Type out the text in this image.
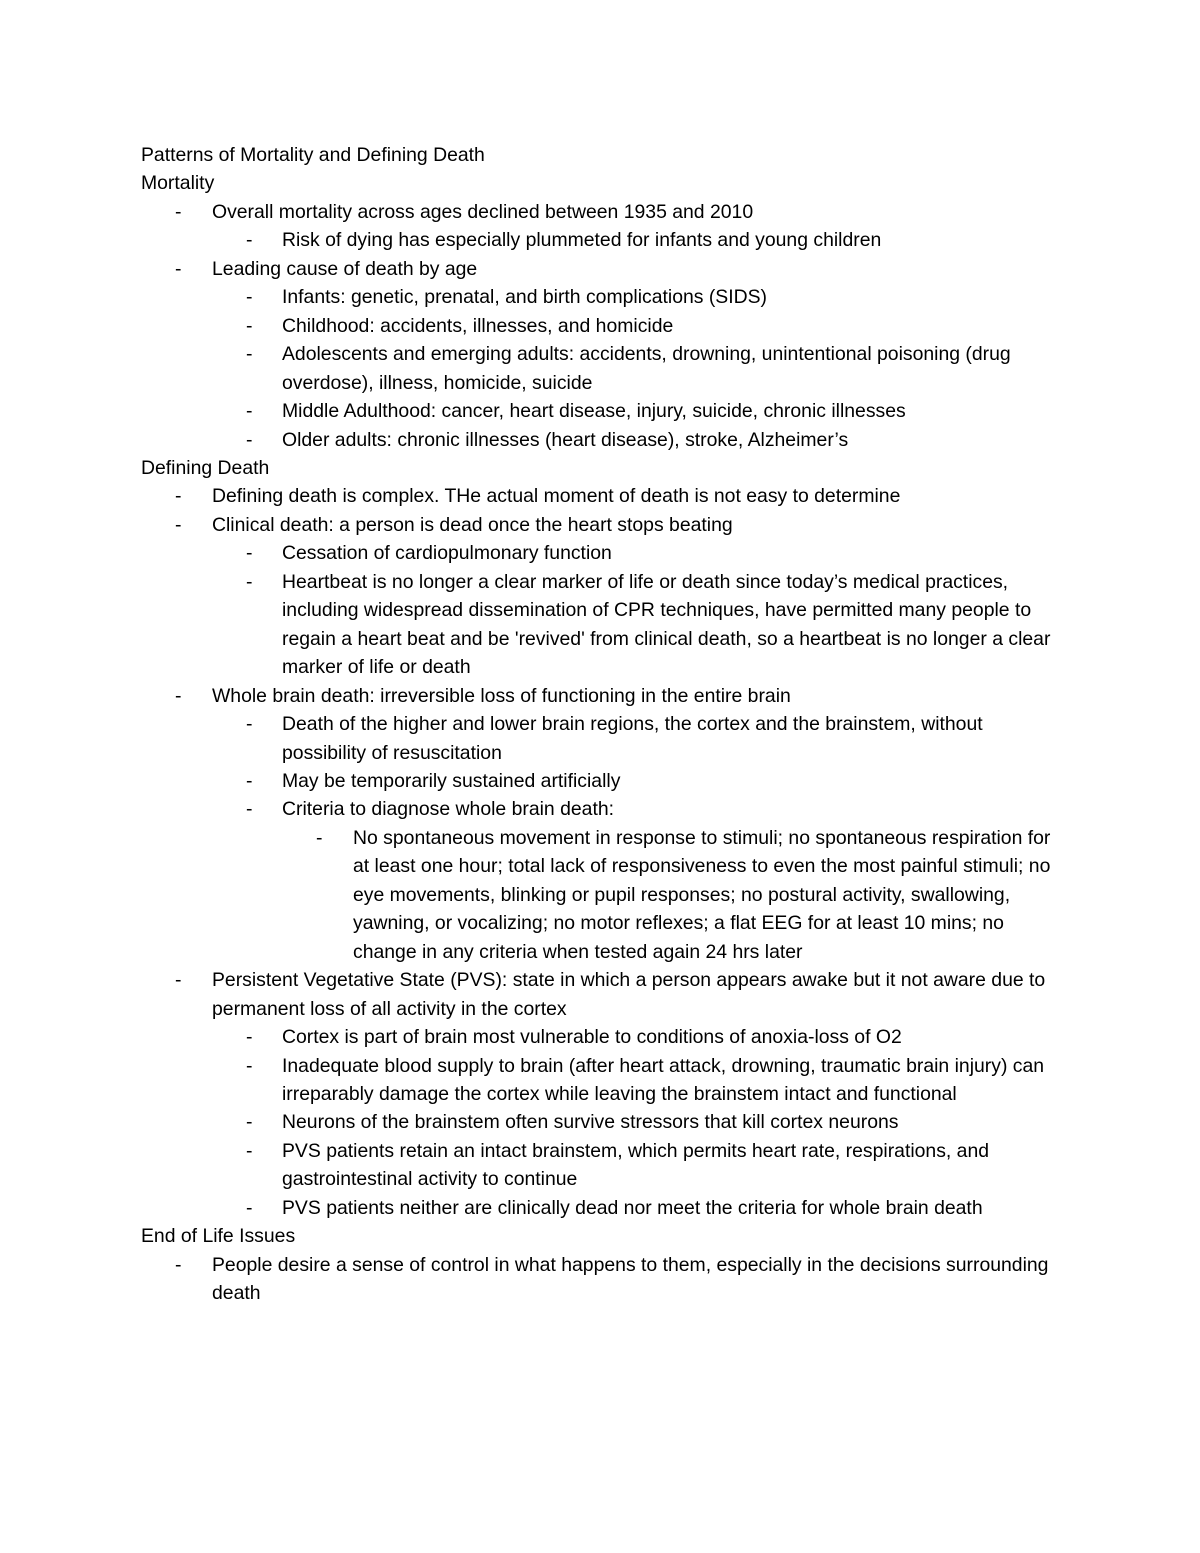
Patterns of Mortality and Defining Death

Mortality

- Overall mortality across ages declined between 1935 and 2010
- Risk of dying has especially plummeted for infants and young children
- Leading cause of death by age
- Infants: genetic, prenatal, and birth complications (SIDS)
- Childhood: accidents, illnesses, and homicide
- Adolescents and emerging adults: accidents, drowning, unintentional poisoning (drug overdose), illness, homicide, suicide
- Middle Adulthood: cancer, heart disease, injury, suicide, chronic illnesses
- Older adults: chronic illnesses (heart disease), stroke, Alzheimer’s

Defining Death

- Defining death is complex. THe actual moment of death is not easy to determine
- Clinical death: a person is dead once the heart stops beating
- Cessation of cardiopulmonary function
- Heartbeat is no longer a clear marker of life or death since today’s medical practices, including widespread dissemination of CPR techniques, have permitted many people to regain a heart beat and be 'revived' from clinical death, so a heartbeat is no longer a clear marker of life or death
- Whole brain death: irreversible loss of functioning in the entire brain
- Death of the higher and lower brain regions, the cortex and the brainstem, without possibility of resuscitation
- May be temporarily sustained artificially
- Criteria to diagnose whole brain death:
- No spontaneous movement in response to stimuli; no spontaneous respiration for at least one hour; total lack of responsiveness to even the most painful stimuli; no eye movements, blinking or pupil responses; no postural activity, swallowing, yawning, or vocalizing; no motor reflexes; a flat EEG for at least 10 mins; no change in any criteria when tested again 24 hrs later
- Persistent Vegetative State (PVS): state in which a person appears awake but it not aware due to permanent loss of all activity in the cortex
- Cortex is part of brain most vulnerable to conditions of anoxia-loss of O2
- Inadequate blood supply to brain (after heart attack, drowning, traumatic brain injury) can irreparably damage the cortex while leaving the brainstem intact and functional
- Neurons of the brainstem often survive stressors that kill cortex neurons
- PVS patients retain an intact brainstem, which permits heart rate, respirations, and gastrointestinal activity to continue
- PVS patients neither are clinically dead nor meet the criteria for whole brain death

End of Life Issues

- People desire a sense of control in what happens to them, especially in the decisions surrounding death
